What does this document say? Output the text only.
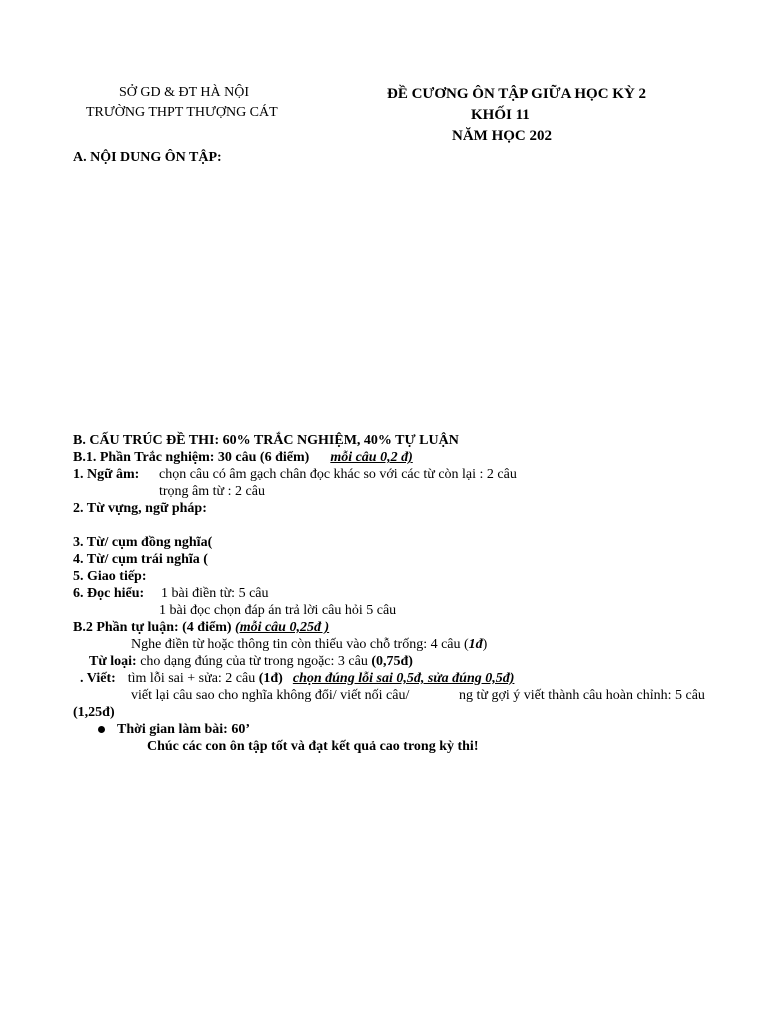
SỞ GD & ĐT HÀ NỘI
TRƯỜNG THPT THƯỢNG CÁT
ĐỀ CƯƠNG ÔN TẬP GIỮA HỌC KỲ 2
KHỐI 11
NĂM HỌC 202
A. NỘI DUNG ÔN TẬP:
B. CẤU TRÚC ĐỀ THI: 60% TRẮC NGHIỆM, 40% TỰ LUẬN
B.1. Phần Trắc nghiệm: 30 câu (6 điểm) mỗi câu 0,2 đ)
1. Ngữ âm: chọn câu có âm gạch chân đọc khác so với các từ còn lại : 2 câu
trọng âm từ : 2 câu
2. Từ vựng, ngữ pháp:
3. Từ/ cụm đồng nghĩa(
4. Từ/ cụm trái nghĩa (
5. Giao tiếp:
6. Đọc hiểu: 1 bài điền từ: 5 câu
1 bài đọc chọn đáp án trả lời câu hỏi 5 câu
B.2 Phần tự luận: (4 điểm) (mỗi câu 0,25đ )
Nghe điền từ hoặc thông tin còn thiếu vào chỗ trống: 4 câu (1đ)
Từ loại: cho dạng đúng của từ trong ngoặc: 3 câu (0,75đ)
. Viết: tìm lỗi sai + sửa: 2 câu (1đ) chọn đúng lỗi sai 0,5đ, sửa đúng 0,5đ)
viết lại câu sao cho nghĩa không đổi/ viết nối câu/	ng từ gợi ý viết thành câu hoàn chỉnh: 5 câu
(1,25đ)
Thời gian làm bài: 60’
Chúc các con ôn tập tốt và đạt kết quả cao trong kỳ thi!
